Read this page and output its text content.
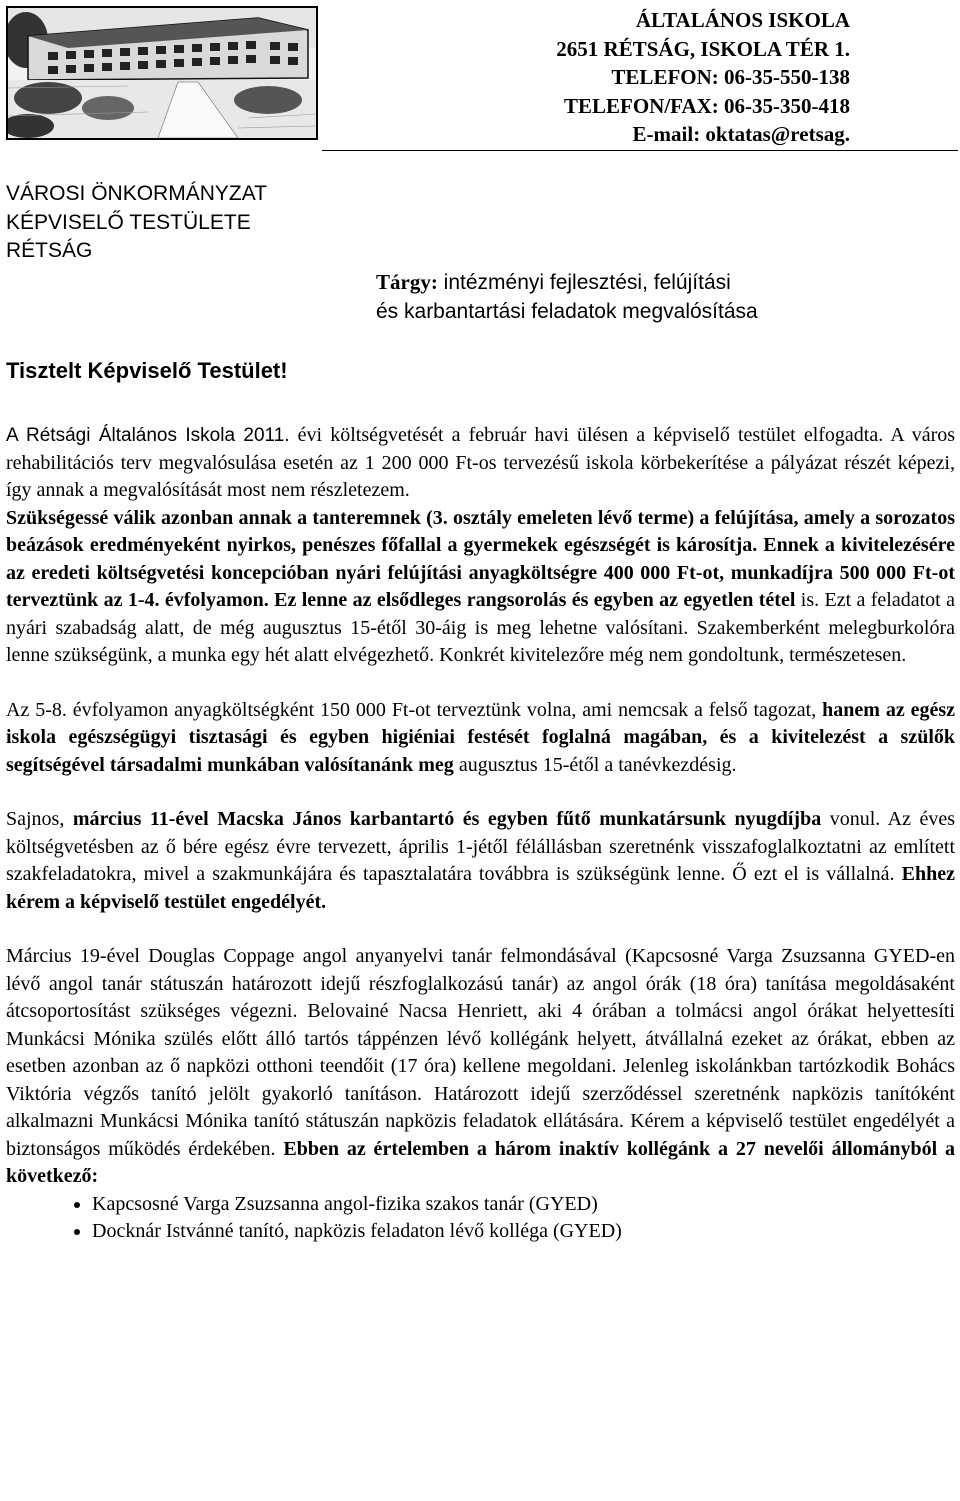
ÁLTALÁNOS ISKOLA
2651 RÉTSÁG, ISKOLA TÉR 1.
TELEFON: 06-35-550-138
TELEFON/FAX: 06-35-350-418
E-mail: oktatas@retsag.
VÁROSI ÖNKORMÁNYZAT
KÉPVISELŐ TESTÜLETE
RÉTSÁG
Tárgy: intézményi fejlesztési, felújítási
és karbantartási feladatok megvalósítása
Tisztelt Képviselő Testület!

A Rétsági Általános Iskola 2011. évi költségvetését a február havi ülésen a képviselő testület elfogadta. A város rehabilitációs terv megvalósulása esetén az 1 200 000 Ft-os tervezésű iskola körbekerítése a pályázat részét képezi, így annak a megvalósítását most nem részletezem.

Szükségessé válik azonban annak a tanteremnek (3. osztály emeleten lévő terme) a felújítása, amely a sorozatos beázások eredményeként nyirkos, penészes főfallal a gyermekek egészségét is károsítja. Ennek a kivitelezésére az eredeti költségvetési koncepcióban nyári felújítási anyagköltségre 400 000 Ft-ot, munkadíjra 500 000 Ft-ot terveztünk az 1-4. évfolyamon. Ez lenne az elsődleges rangsorolás és egyben az egyetlen tétel is. Ezt a feladatot a nyári szabadság alatt, de még augusztus 15-étől 30-áig is meg lehetne valósítani. Szakemberként melegburkolóra lenne szükségünk, a munka egy hét alatt elvégezhető. Konkrét kivitelezőre még nem gondoltunk, természetesen.

Az 5-8. évfolyamon anyagköltségként 150 000 Ft-ot terveztünk volna, ami nemcsak a felső tagozat, hanem az egész iskola egészségügyi tisztasági és egyben higiéniai festését foglalná magában, és a kivitelezést a szülők segítségével társadalmi munkában valósítanánk meg augusztus 15-étől a tanévkezdésig.

Sajnos, március 11-ével Macska János karbantartó és egyben fűtő munkatársunk nyugdíjba vonul. Az éves költségvetésben az ő bére egész évre tervezett, április 1-jétől félállásban szeretnénk visszafoglalkoztatni az említett szakfeladatokra, mivel a szakmunkájára és tapasztalatára továbbra is szükségünk lenne. Ő ezt el is vállalná. Ehhez kérem a képviselő testület engedélyét.

Március 19-ével Douglas Coppage angol anyanyelvi tanár felmondásával (Kapcsosné Varga Zsuzsanna GYED-en lévő angol tanár státuszán határozott idejű részfoglalkozású tanár) az angol órák (18 óra) tanítása megoldásaként átcsoportosítást szükséges végezni. Belovainé Nacsa Henriett, aki 4 órában a tolmácsi angol órákat helyettesíti Munkácsi Mónika szülés előtt álló tartós táppénzen lévő kollégánk helyett, átvállalná ezeket az órákat, ebben az esetben azonban az ő napközi otthoni teendőit (17 óra) kellene megoldani. Jelenleg iskolánkban tartózkodik Bohács Viktória végzős tanító jelölt gyakorló tanításon. Határozott idejű szerződéssel szeretnénk napközis tanítóként alkalmazni Munkácsi Mónika tanító státuszán napközis feladatok ellátására. Kérem a képviselő testület engedélyét a biztonságos működés érdekében. Ebben az értelemben a három inaktív kollégánk a 27 nevelői állományból a következő:

• Kapcsosné Varga Zsuzsanna angol-fizika szakos tanár (GYED)
• Docknár Istvánné tanító, napközis feladaton lévő kolléga (GYED)
